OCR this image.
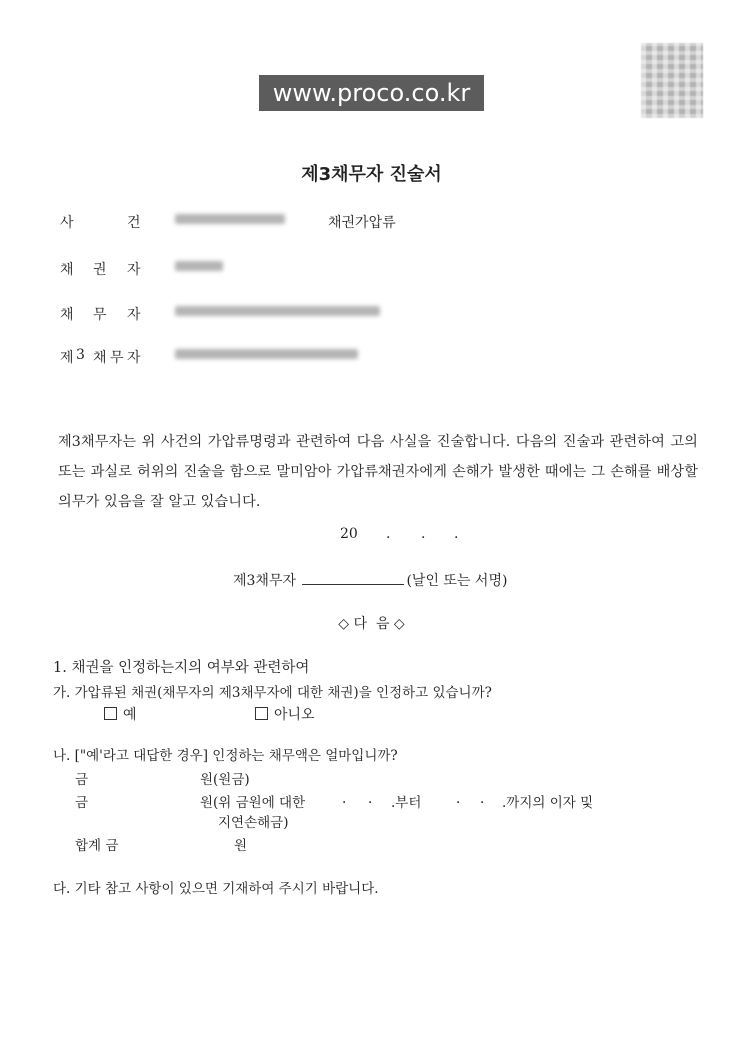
www.proco.co.kr
제3채무자 진술서
사	건	채권가압류
채 권 자
채 무 자
제 3 채 무 자
제3채무자는 위 사건의 가압류명령과 관련하여 다음 사실을 진술합니다. 다음의 진술과 관련하여 고의 또는 과실로 허위의 진술을 함으로 말미암아 가압류채권자에게 손해가 발생한 때에는 그 손해를 배상할 의무가 있음을 잘 알고 있습니다.
20 . . .
제3채무자	(날인 또는 서명)
◇ 다  음 ◇
1. 채권을 인정하는지의 여부와 관련하여
가. 가압류된 채권(채무자의 제3채무자에 대한 채권)을 인정하고 있습니까?
예	아니오
나. ["예'라고 대답한 경우] 인정하는 채무액은 얼마입니까?
금	원(원금)
금	원(위 금원에 대한	. . .부터	. . .까지의 이자 및
지연손해금)
합계 금	원
다. 기타 참고 사항이 있으면 기재하여 주시기 바랍니다.
